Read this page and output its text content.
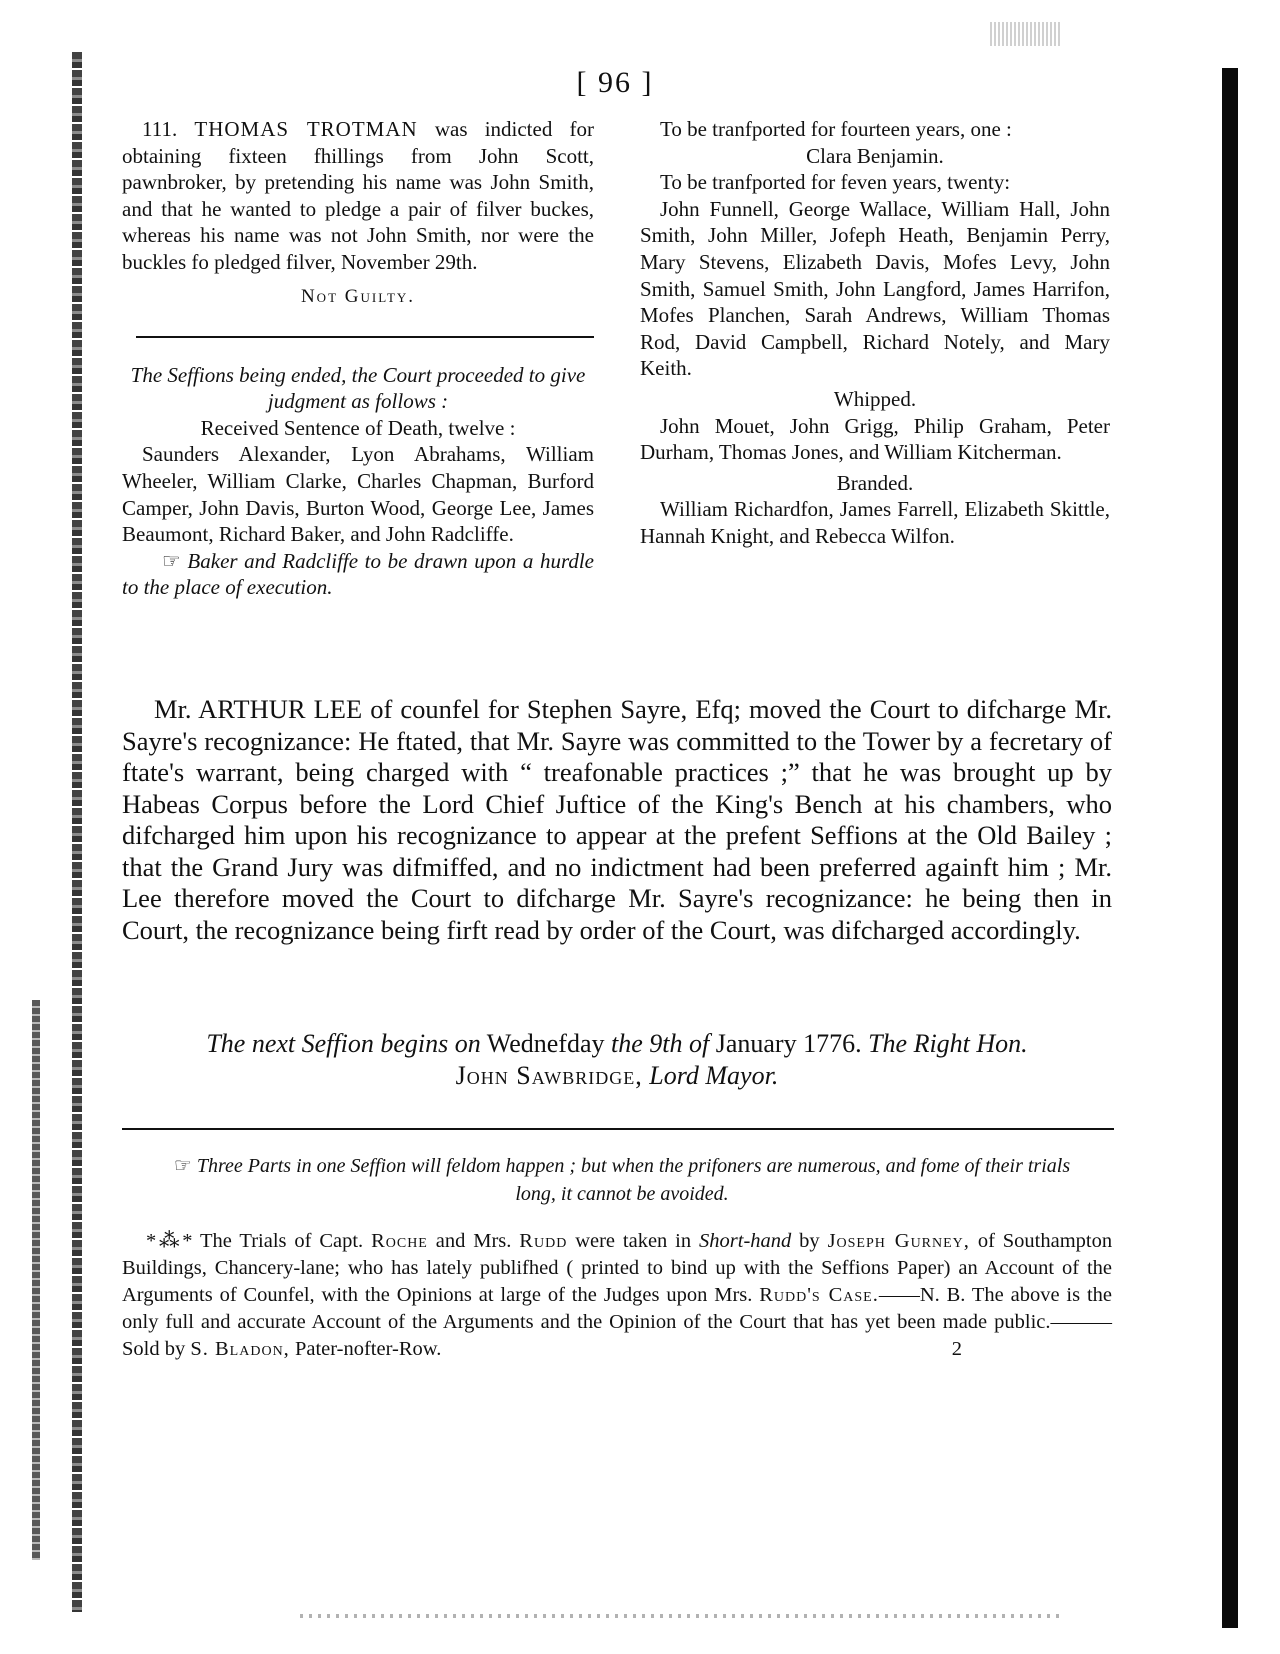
[ 96 ]

111. THOMAS TROTMAN was indicted for obtaining fixteen fhillings from John Scott, pawnbroker, by pretending his name was John Smith, and that he wanted to pledge a pair of filver buckes, whereas his name was not John Smith, nor were the buckles fo pledged filver, November 29th.

Not Guilty.

The Seffions being ended, the Court proceeded to give judgment as follows :

Received Sentence of Death, twelve :

Saunders Alexander, Lyon Abrahams, William Wheeler, William Clarke, Charles Chapman, Burford Camper, John Davis, Burton Wood, George Lee, James Beaumont, Richard Baker, and John Radcliffe.

☞ Baker and Radcliffe to be drawn upon a hurdle to the place of execution.

To be tranfported for fourteen years, one :

Clara Benjamin.

To be tranfported for feven years, twenty:

John Funnell, George Wallace, William Hall, John Smith, John Miller, Jofeph Heath, Benjamin Perry, Mary Stevens, Elizabeth Davis, Mofes Levy, John Smith, Samuel Smith, John Langford, James Harrifon, Mofes Planchen, Sarah Andrews, William Thomas Rod, David Campbell, Richard Notely, and Mary Keith.

Whipped.

John Mouet, John Grigg, Philip Graham, Peter Durham, Thomas Jones, and William Kitcherman.

Branded.

William Richardfon, James Farrell, Elizabeth Skittle, Hannah Knight, and Rebecca Wilfon.

Mr. ARTHUR LEE of counfel for Stephen Sayre, Efq; moved the Court to difcharge Mr. Sayre's recognizance: He ftated, that Mr. Sayre was committed to the Tower by a fecretary of ftate's warrant, being charged with “ treafonable practices ;” that he was brought up by Habeas Corpus before the Lord Chief Juftice of the King's Bench at his chambers, who difcharged him upon his recognizance to appear at the prefent Seffions at the Old Bailey ; that the Grand Jury was difmiffed, and no indictment had been preferred againft him ; Mr. Lee therefore moved the Court to difcharge Mr. Sayre's recognizance: he being then in Court, the recognizance being firft read by order of the Court, was difcharged accordingly.

The next Seffion begins on Wednefday the 9th of January 1776. The Right Hon.
John Sawbridge, Lord Mayor.

☞ Three Parts in one Seffion will feldom happen ; but when the prifoners are numerous, and fome of their trials long, it cannot be avoided.

*⁂* The Trials of Capt. Roche and Mrs. Rudd were taken in Short-hand by Joseph Gurney, of Southampton Buildings, Chancery-lane; who has lately publifhed ( printed to bind up with the Seffions Paper) an Account of the Arguments of Counfel, with the Opinions at large of the Judges upon Mrs. Rudd's Case.——N. B. The above is the only full and accurate Account of the Arguments and the Opinion of the Court that has yet been made public.———Sold by S. Bladon, Pater-nofter-Row.	2
